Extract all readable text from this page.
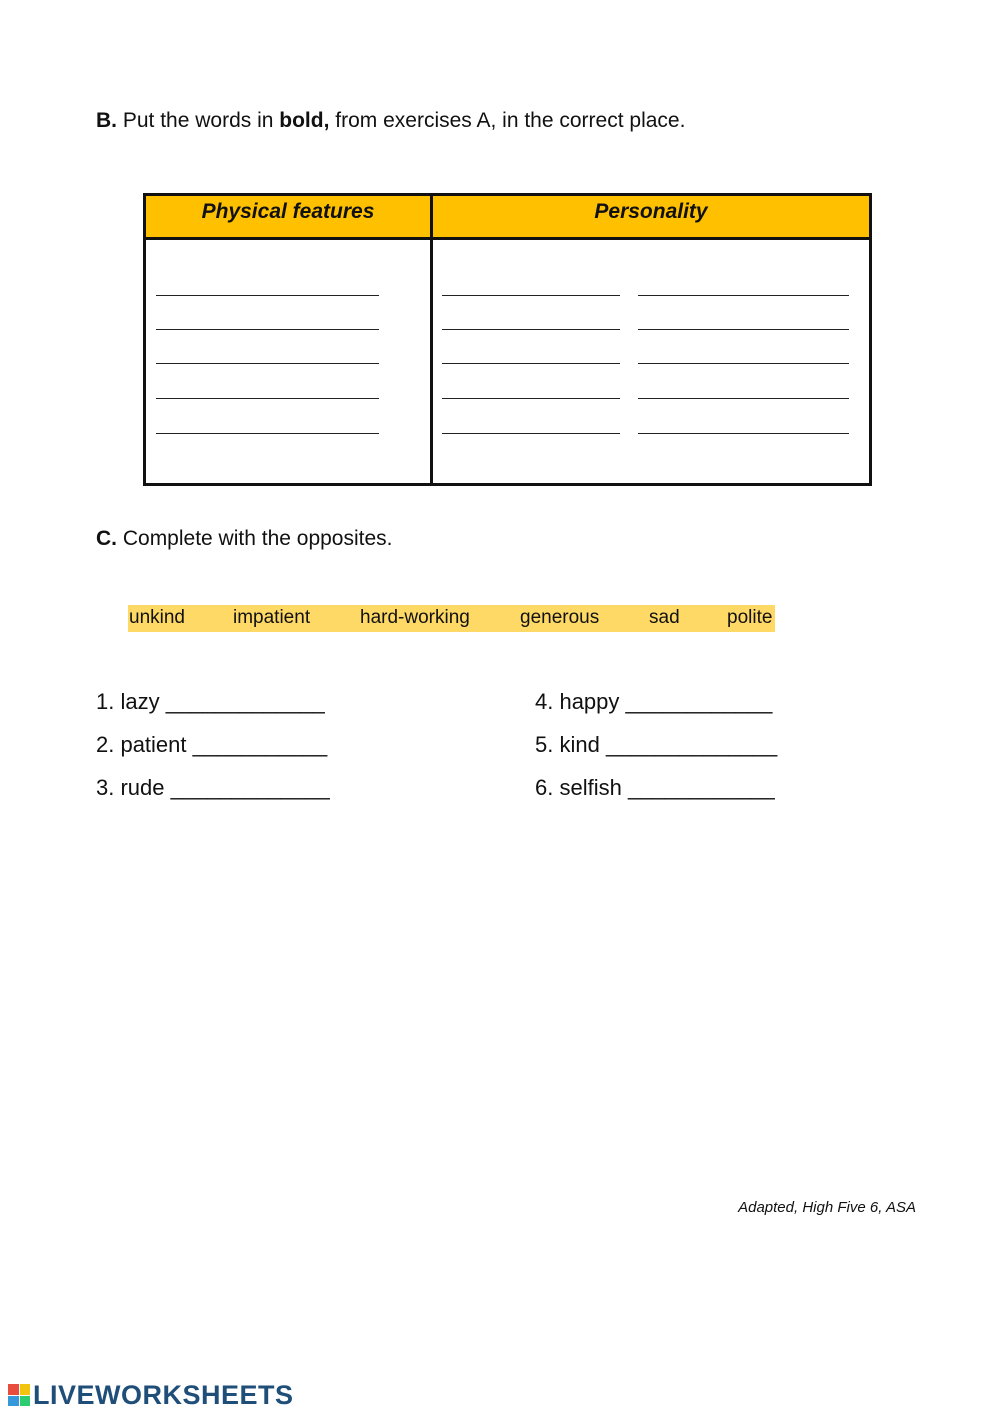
B. Put the words in bold, from exercises A, in the correct place.
Physical features	Personality
C. Complete with the opposites.
unkind	impatient	hard-working	generous	sad polite
1. lazy _____________
2. patient ___________
3. rude _____________
4. happy ____________
5. kind ______________
6. selfish ____________
Adapted, High Five 6, ASA
LIVEWORKSHEETS
